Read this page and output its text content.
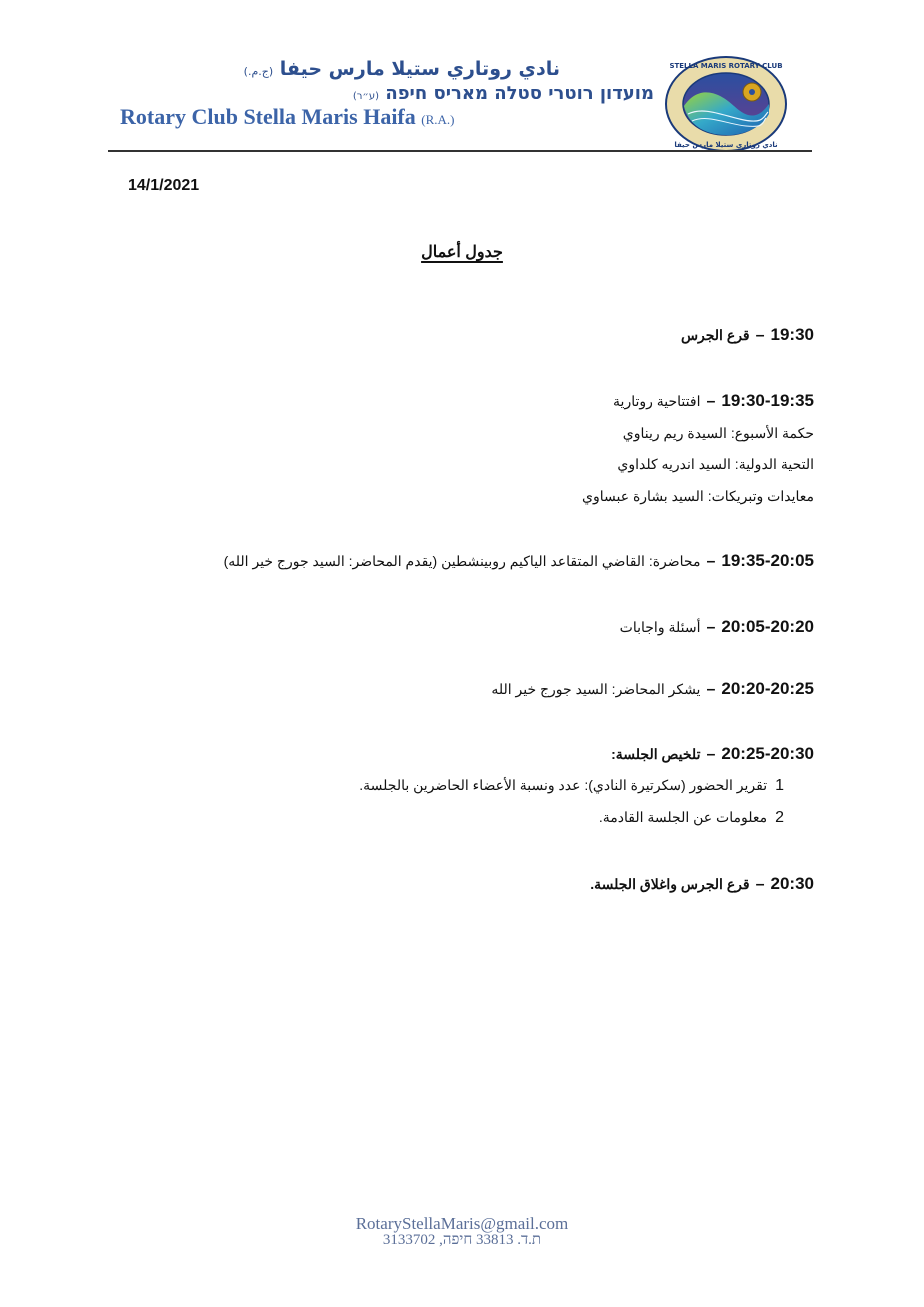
نادي روتاري ستيلا مارس حيفا (ج.م.)
מועדון רוטרי סטלה מאריס חיפה (ע״ר)
Rotary Club Stella Maris Haifa (R.A.)
STELLA MARIS ROTARY CLUB
نادي روتاري ستيلا مارس حيفا
14/1/2021
جدول أعمال
19:30–قرع الجرس
19:30-19:35–افتتاحية روتارية
حكمة الأسبوع: السيدة ريم ريناوي
التحية الدولية: السيد اندريه كلداوي
معايدات وتبريكات: السيد بشارة عبساوي
19:35-20:05–محاضرة: القاضي المتقاعد الياكيم روبينشطين (يقدم المحاضر: السيد جورج خير الله)
20:05-20:20–أسئلة واجابات
20:20-20:25–يشكر المحاضر: السيد جورج خير الله
20:25-20:30–تلخيص الجلسة:
1تقرير الحضور (سكرتيرة النادي): عدد ونسبة الأعضاء الحاضرين بالجلسة.
2معلومات عن الجلسة القادمة.
20:30–قرع الجرس واغلاق الجلسة.
RotaryStellaMaris@gmail.com
ת.ד. 33813 חיפה, 3133702
